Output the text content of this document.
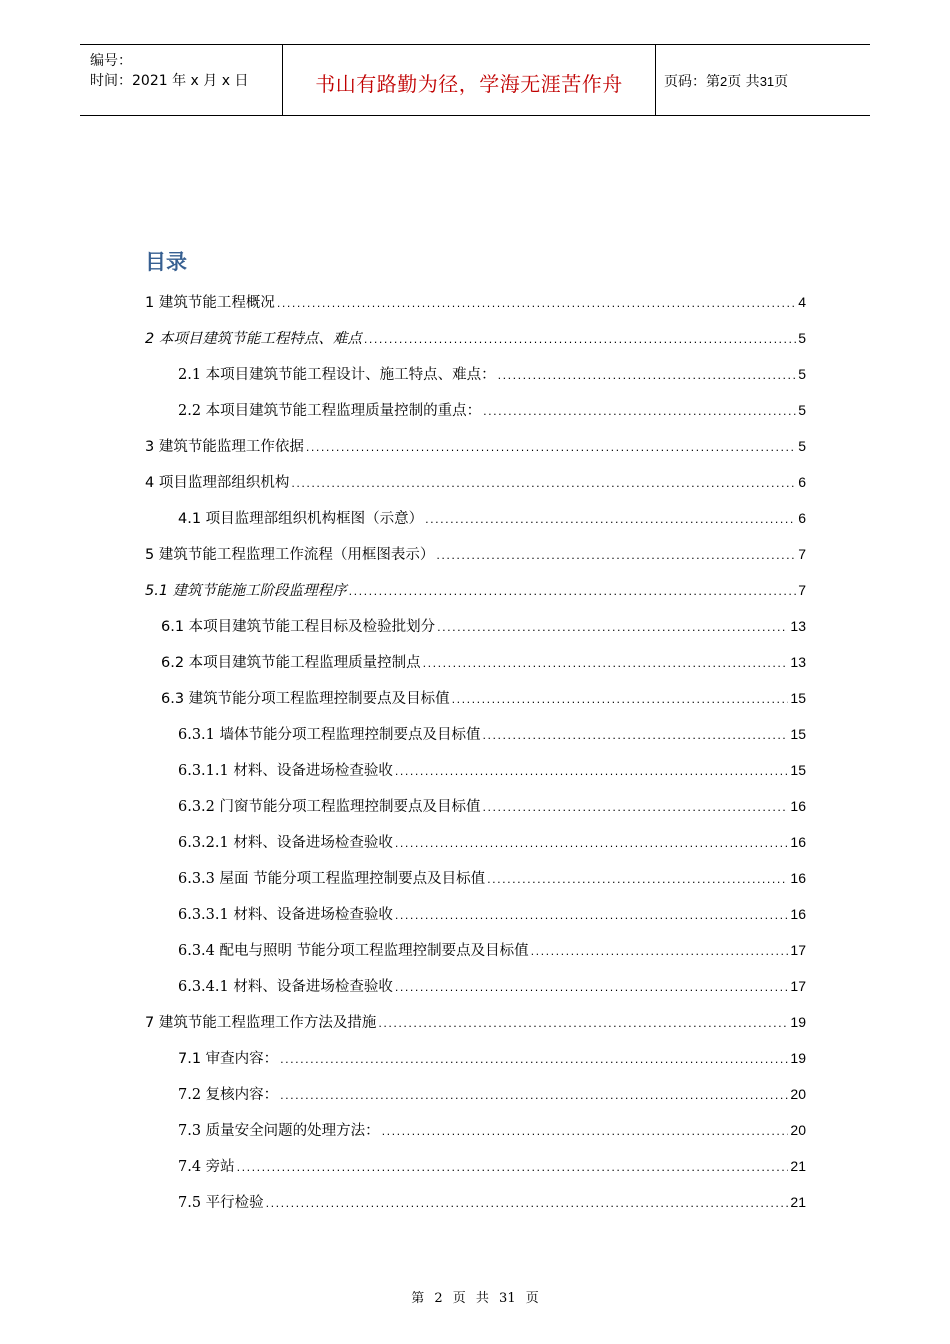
编号：
时间：2021 年 x 月 x 日	书山有路勤为径，学海无涯苦作舟	页码：第2页 共31页
目录
1 建筑节能工程概况 .....	4
2 本项目建筑节能工程特点、难点 .....	5
2.1 本项目建筑节能工程设计、施工特点、难点： .....	5
2.2 本项目建筑节能工程监理质量控制的重点： .....	5
3 建筑节能监理工作依据 .....	5
4 项目监理部组织机构 .....	6
4.1 项目监理部组织机构框图（示意） .....	6
5 建筑节能工程监理工作流程（用框图表示） .....	7
5.1 建筑节能施工阶段监理程序 .....	7
6.1 本项目建筑节能工程目标及检验批划分 .....	13
6.2 本项目建筑节能工程监理质量控制点 .....	13
6.3 建筑节能分项工程监理控制要点及目标值 .....	15
6.3.1 墙体节能分项工程监理控制要点及目标值 .....	15
6.3.1.1 材料、设备进场检查验收 .....	15
6.3.2 门窗节能分项工程监理控制要点及目标值 .....	16
6.3.2.1 材料、设备进场检查验收 .....	16
6.3.3 屋面 节能分项工程监理控制要点及目标值 .....	16
6.3.3.1 材料、设备进场检查验收 .....	16
6.3.4 配电与照明 节能分项工程监理控制要点及目标值 .....	17
6.3.4.1 材料、设备进场检查验收 .....	17
7 建筑节能工程监理工作方法及措施 .....	19
7.1 审查内容： .....	19
7.2 复核内容： .....	20
7.3 质量安全问题的处理方法： .....	20
7.4 旁站 .....	21
7.5 平行检验 .....	21
第 2 页 共 31 页
